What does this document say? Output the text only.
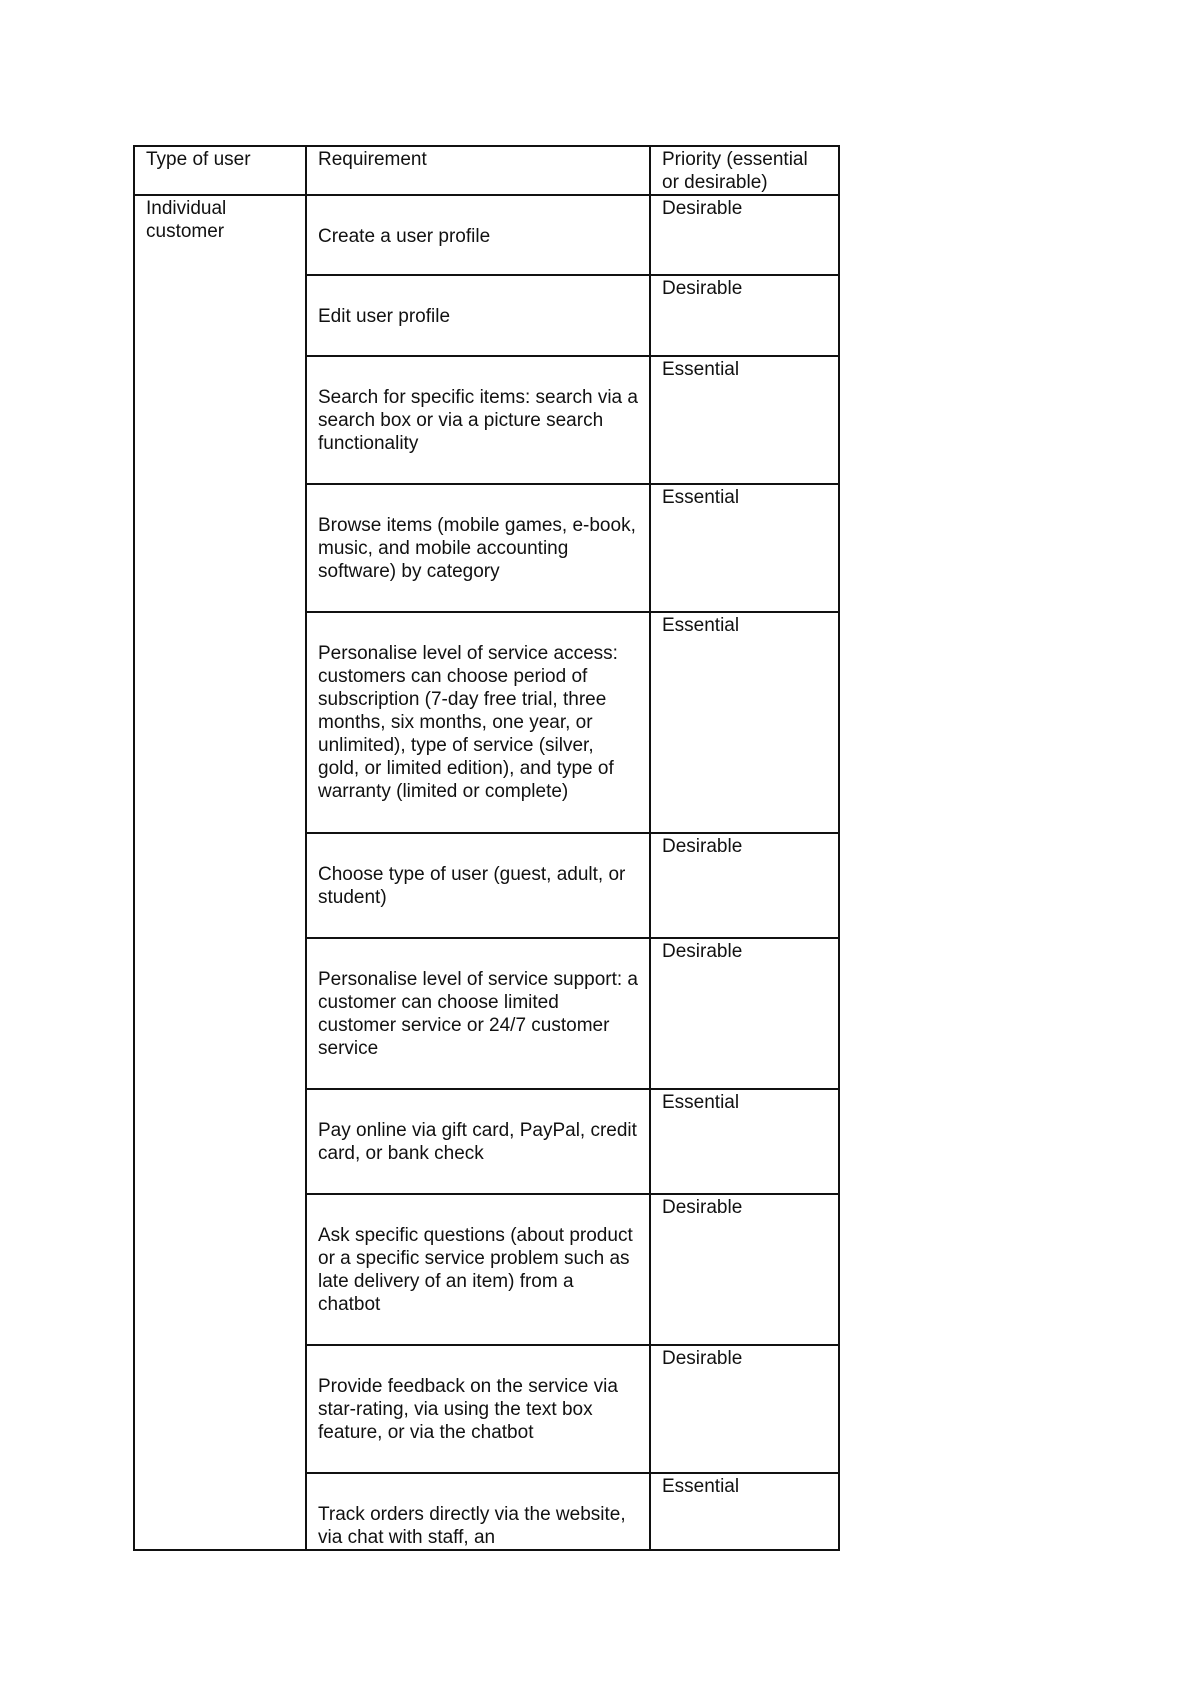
Type of user	Requirement	Priority (essential or desirable)
Individual customer	Create a user profile	Desirable

	Edit user profile	Desirable

	Search for specific items: search via a search box or via a picture search functionality	Essential

	Browse items (mobile games, e-book, music, and mobile accounting software) by category	Essential

	Personalise level of service access: customers can choose period of subscription (7-day free trial, three months, six months, one year, or unlimited), type of service (silver, gold, or limited edition), and type of warranty (limited or complete)	Essential

	Choose type of user (guest, adult, or student)	Desirable

	Personalise level of service support: a customer can choose limited customer service or 24/7 customer service	Desirable

	Pay online via gift card, PayPal, credit card, or bank check	Essential

	Ask specific questions (about product or a specific service problem such as late delivery of an item) from a chatbot	Desirable

	Provide feedback on the service via star-rating, via using the text box feature, or via the chatbot	Desirable

	Track orders directly via the website, via chat with staff, an	Essential
